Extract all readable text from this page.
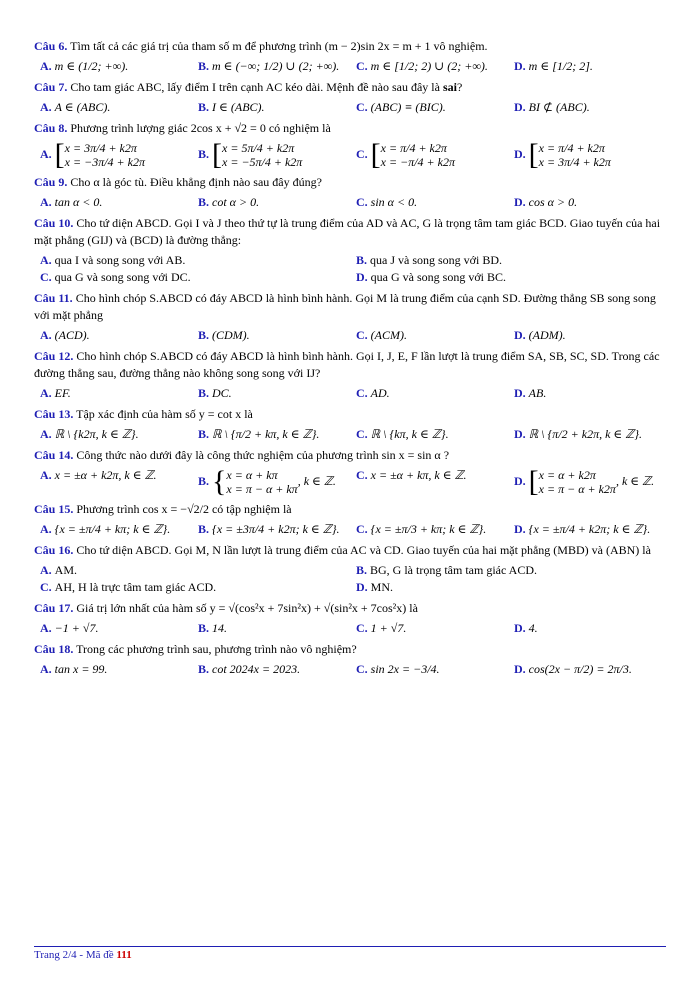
Câu 6. Tìm tất cả các giá trị của tham số m để phương trình (m − 2)sin 2x = m + 1 vô nghiệm.
A. m ∈ (1/2; +∞).	B. m ∈ (−∞; 1/2) ∪ (2; +∞).	C. m ∈ [1/2; 2) ∪ (2; +∞).	D. m ∈ [1/2; 2].
Câu 7. Cho tam giác ABC, lấy điểm I trên cạnh AC kéo dài. Mệnh đề nào sau đây là sai?
A. A ∈ (ABC).	B. I ∈ (ABC).	C. (ABC) ≡ (BIC).	D. BI ⊄ (ABC).
Câu 8. Phương trình lượng giác 2cos x + √2 = 0 có nghiệm là
A. [ x = 3π/4 + k2π
x = −3π/4 + k2π
B. [ x = 5π/4 + k2π
x = −5π/4 + k2π
C. [ x = π/4 + k2π
x = −π/4 + k2π
D. [ x = π/4 + k2π
x = 3π/4 + k2π
Câu 9. Cho α là góc tù. Điều khẳng định nào sau đây đúng?
A. tan α < 0.	B. cot α > 0.	C. sin α < 0.	D. cos α > 0.
Câu 10. Cho tứ diện ABCD. Gọi I và J theo thứ tự là trung điểm của AD và AC, G là trọng tâm tam giác BCD. Giao tuyến của hai mặt phẳng (GIJ) và (BCD) là đường thẳng:
A. qua I và song song với AB.	B. qua J và song song với BD.
C. qua G và song song với DC.	D. qua G và song song với BC.
Câu 11. Cho hình chóp S.ABCD có đáy ABCD là hình bình hành. Gọi M là trung điểm của cạnh SD. Đường thẳng SB song song với mặt phẳng
A. (ACD).	B. (CDM).	C. (ACM).	D. (ADM).
Câu 12. Cho hình chóp S.ABCD có đáy ABCD là hình bình hành. Gọi I, J, E, F lần lượt là trung điểm SA, SB, SC, SD. Trong các đường thẳng sau, đường thẳng nào không song song với IJ?
A. EF.	B. DC.	C. AD.	D. AB.
Câu 13. Tập xác định của hàm số y = cot x là
A. ℝ \ {k2π, k ∈ ℤ}.	B. ℝ \ {π/2 + kπ, k ∈ ℤ}.	C. ℝ \ {kπ, k ∈ ℤ}.	D. ℝ \ {π/2 + k2π, k ∈ ℤ}.
Câu 14. Công thức nào dưới đây là công thức nghiệm của phương trình sin x = sin α ?
A. x = ±α + k2π, k ∈ ℤ.	B. { x = α + kπ
x = π − α + kπ
, k ∈ ℤ.	C. x = ±α + kπ, k ∈ ℤ.	D. [ x = α + k2π
x = π − α + k2π
, k ∈ ℤ.
Câu 15. Phương trình cos x = −√2/2 có tập nghiệm là
A. {x = ±π/4 + kπ; k ∈ ℤ}.	B. {x = ±3π/4 + k2π; k ∈ ℤ}.	C. {x = ±π/3 + kπ; k ∈ ℤ}.	D. {x = ±π/4 + k2π; k ∈ ℤ}.
Câu 16. Cho tứ diện ABCD. Gọi M, N lần lượt là trung điểm của AC và CD. Giao tuyến của hai mặt phẳng (MBD) và (ABN) là
A. AM.	B. BG, G là trọng tâm tam giác ACD.
C. AH, H là trực tâm tam giác ACD.	D. MN.
Câu 17. Giá trị lớn nhất của hàm số y = √(cos²x + 7sin²x) + √(sin²x + 7cos²x) là
A. −1 + √7.	B. 14.	C. 1 + √7.	D. 4.
Câu 18. Trong các phương trình sau, phương trình nào vô nghiệm?
A. tan x = 99.	B. cot 2024x = 2023.	C. sin 2x = −3/4.	D. cos(2x − π/2) = 2π/3.
Trang 2/4 - Mã đề 111
